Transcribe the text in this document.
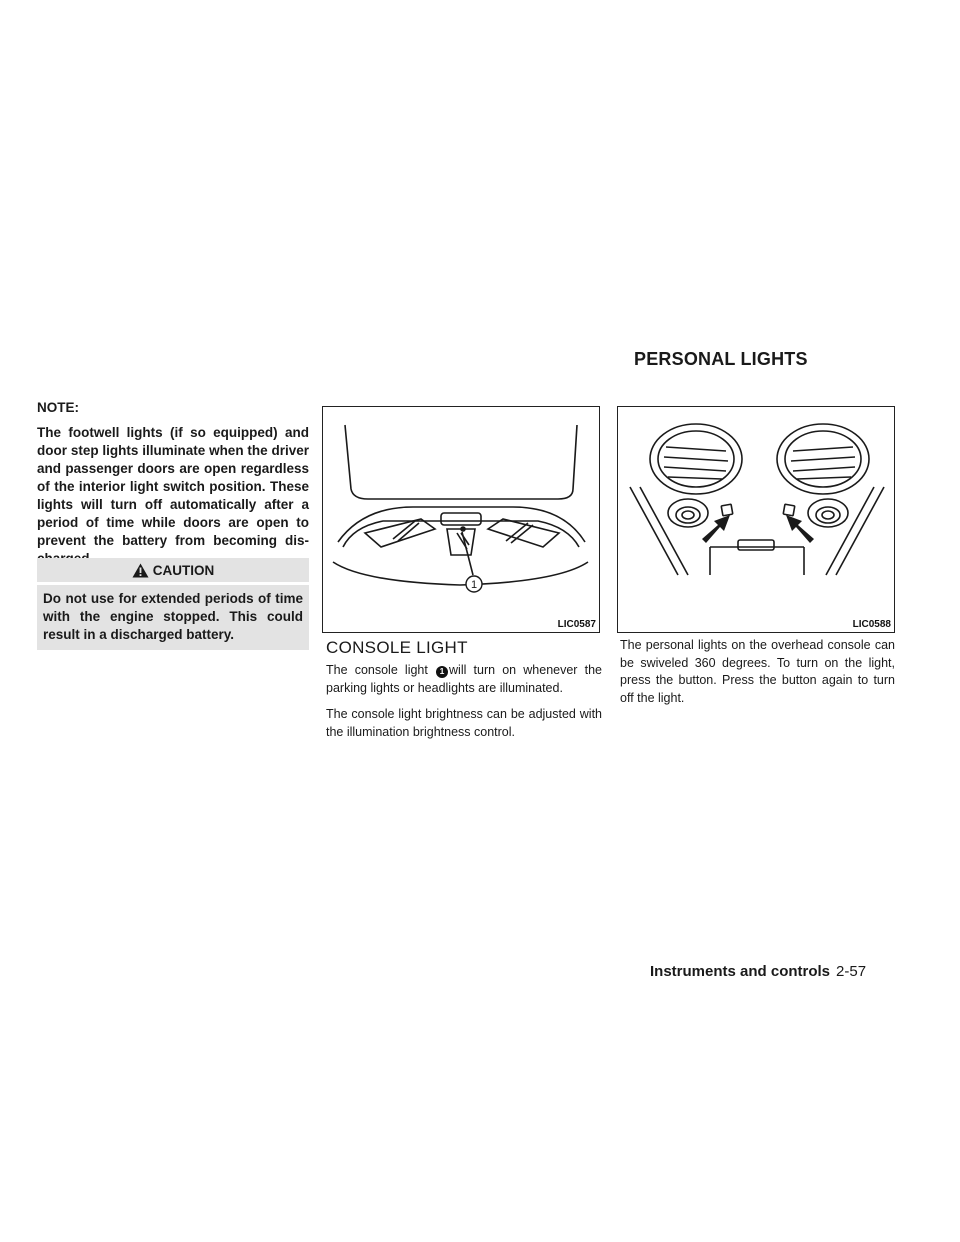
PERSONAL LIGHTS

NOTE:

The footwell lights (if so equipped) and door step lights illuminate when the driver and passenger doors are open regardless of the interior light switch position. These lights will turn off automatically after a period of time while doors are open to prevent the battery from becoming dis-

CAUTION
Do not use for extended periods of time with the engine stopped. This could result in a discharged battery.
1
LIC0587	LIC0588
CONSOLE LIGHT

The console light 1 will turn on whenever the parking lights or headlights are illuminated.

The console light brightness can be adjusted with the illumination brightness control.

The personal lights on the overhead console can be swiveled 360 degrees. To turn on the light, press the button. Press the button again to turn off the light.

Instruments and controls 2-57
